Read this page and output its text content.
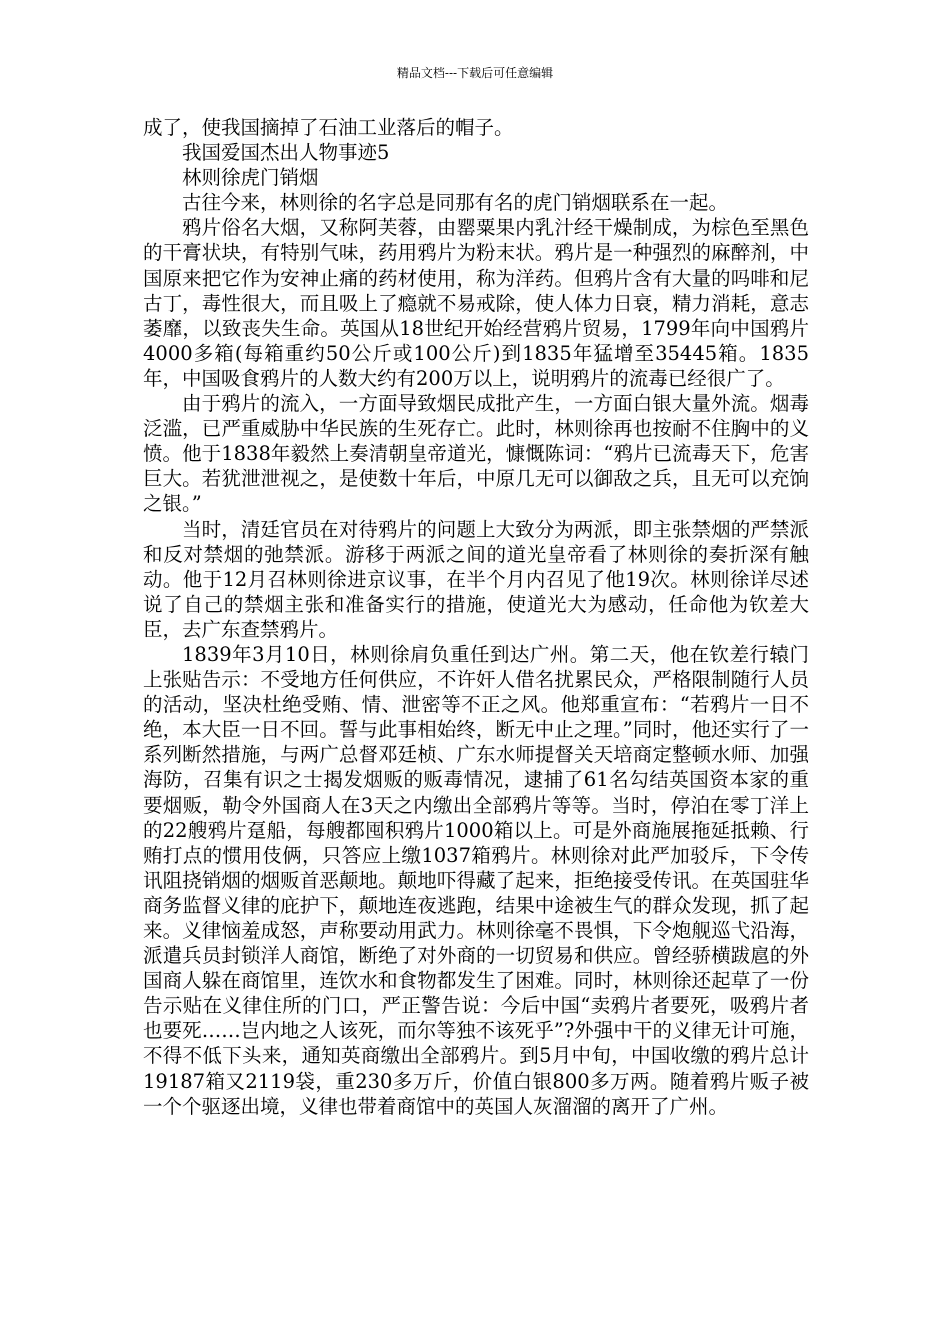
精品文档---下载后可任意编辑

成了，使我国摘掉了石油工业落后的帽子。

我国爱国杰出人物事迹5

林则徐虎门销烟

古往今来，林则徐的名字总是同那有名的虎门销烟联系在一起。

鸦片俗名大烟，又称阿芙蓉，由罂粟果内乳汁经干燥制成，为棕色至黑色的干膏状块，有特别气味，药用鸦片为粉末状。鸦片是一种强烈的麻醉剂，中国原来把它作为安神止痛的药材使用，称为洋药。但鸦片含有大量的吗啡和尼古丁，毒性很大，而且吸上了瘾就不易戒除，使人体力日衰，精力消耗，意志萎靡，以致丧失生命。英国从18世纪开始经营鸦片贸易，1799年向中国鸦片4000多箱(每箱重约50公斤或100公斤)到1835年猛增至35445箱。1835年，中国吸食鸦片的人数大约有200万以上，说明鸦片的流毒已经很广了。

由于鸦片的流入，一方面导致烟民成批产生，一方面白银大量外流。烟毒泛滥，已严重威胁中华民族的生死存亡。此时，林则徐再也按耐不住胸中的义愤。他于1838年毅然上奏清朝皇帝道光，慷慨陈词：“鸦片已流毒天下，危害巨大。若犹泄泄视之，是使数十年后，中原几无可以御敌之兵，且无可以充饷之银。”

当时，清廷官员在对待鸦片的问题上大致分为两派，即主张禁烟的严禁派和反对禁烟的弛禁派。游移于两派之间的道光皇帝看了林则徐的奏折深有触动。他于12月召林则徐进京议事，在半个月内召见了他19次。林则徐详尽述说了自己的禁烟主张和准备实行的措施，使道光大为感动，任命他为钦差大臣，去广东查禁鸦片。

1839年3月10日，林则徐肩负重任到达广州。第二天，他在钦差行辕门上张贴告示：不受地方任何供应，不许奸人借名扰累民众，严格限制随行人员的活动，坚决杜绝受贿、情、泄密等不正之风。他郑重宣布：“若鸦片一日不绝，本大臣一日不回。誓与此事相始终，断无中止之理。”同时，他还实行了一系列断然措施，与两广总督邓廷桢、广东水师提督关天培商定整顿水师、加强海防，召集有识之士揭发烟贩的贩毒情况，逮捕了61名勾结英国资本家的重要烟贩，勒令外国商人在3天之内缴出全部鸦片等等。当时，停泊在零丁洋上的22艘鸦片趸船，每艘都囤积鸦片1000箱以上。可是外商施展拖延抵赖、行贿打点的惯用伎俩，只答应上缴1037箱鸦片。林则徐对此严加驳斥，下令传讯阻挠销烟的烟贩首恶颠地。颠地吓得藏了起来，拒绝接受传讯。在英国驻华商务监督义律的庇护下，颠地连夜逃跑，结果中途被生气的群众发现，抓了起来。义律恼羞成怒，声称要动用武力。林则徐毫不畏惧，下令炮舰巡弋沿海，派遣兵员封锁洋人商馆，断绝了对外商的一切贸易和供应。曾经骄横跋扈的外国商人躲在商馆里，连饮水和食物都发生了困难。同时，林则徐还起草了一份告示贴在义律住所的门口，严正警告说：今后中国“卖鸦片者要死，吸鸦片者也要死……岂内地之人该死，而尔等独不该死乎”?外强中干的义律无计可施，不得不低下头来，通知英商缴出全部鸦片。到5月中旬，中国收缴的鸦片总计19187箱又2119袋，重230多万斤，价值白银800多万两。随着鸦片贩子被一个个驱逐出境，义律也带着商馆中的英国人灰溜溜的离开了广州。
